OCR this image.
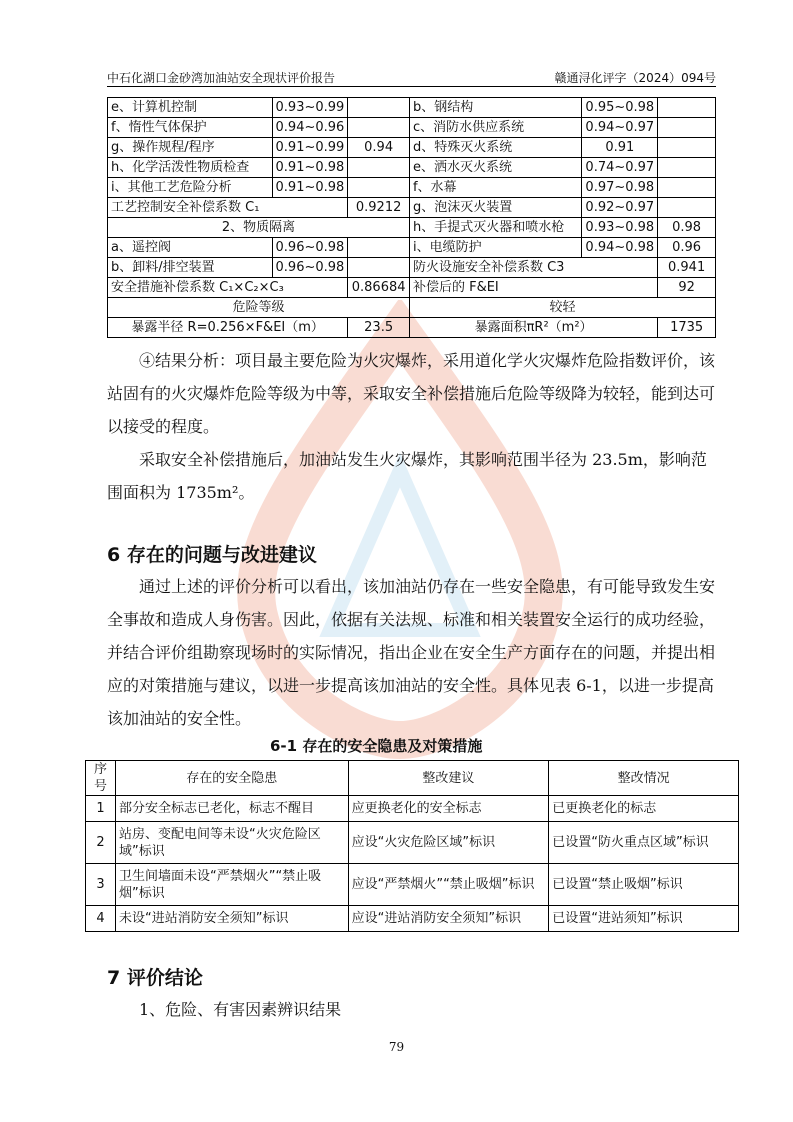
中石化湖口金砂湾加油站安全现状评价报告	赣通浔化评字（2024）094号

e、计算机控制	0.93~0.99		b、钢结构	0.95~0.98	
f、惰性气体保护	0.94~0.96		c、消防水供应系统	0.94~0.97	
g、操作规程/程序	0.91~0.99	0.94	d、特殊灭火系统	0.91	
h、化学活泼性物质检查	0.91~0.98		e、洒水灭火系统	0.74~0.97	
i、其他工艺危险分析	0.91~0.98		f、水幕	0.97~0.98	
工艺控制安全补偿系数 C₁		0.9212	g、泡沫灭火装置	0.92~0.97	
2、物质隔离			h、手提式灭火器和喷水枪	0.93~0.98	0.98
a、遥控阀	0.96~0.98		i、电缆防护	0.94~0.98	0.96
b、卸料/排空装置	0.96~0.98		防火设施安全补偿系数 C3		0.941
安全措施补偿系数 C₁×C₂×C₃		0.86684	补偿后的 F&EI		92
危险等级			较轻		
暴露半径 R=0.256×F&EI（m）		23.5	暴露面积πR²（m²）		1735
④结果分析：项目最主要危险为火灾爆炸，采用道化学火灾爆炸危险指数评价，该站固有的火灾爆炸危险等级为中等，采取安全补偿措施后危险等级降为较轻，能到达可以接受的程度。
采取安全补偿措施后，加油站发生火灾爆炸，其影响范围半径为 23.5m，影响范围面积为 1735m²。
6 存在的问题与改进建议
通过上述的评价分析可以看出，该加油站仍存在一些安全隐患，有可能导致发生安全事故和造成人身伤害。因此，依据有关法规、标准和相关装置安全运行的成功经验，并结合评价组勘察现场时的实际情况，指出企业在安全生产方面存在的问题，并提出相应的对策措施与建议，以进一步提高该加油站的安全性。具体见表 6-1，以进一步提高该加油站的安全性。
6-1 存在的安全隐患及对策措施
序号	存在的安全隐患	整改建议	整改情况
1	部分安全标志已老化，标志不醒目	应更换老化的安全标志	已更换老化的标志
2	站房、变配电间等未设“火灾危险区域”标识	应设“火灾危险区域”标识	已设置“防火重点区域”标识
3	卫生间墙面未设“严禁烟火”“禁止吸烟”标识	应设“严禁烟火”“禁止吸烟”标识	已设置“禁止吸烟”标识
4	未设“进站消防安全须知”标识	应设“进站消防安全须知”标识	已设置“进站须知”标识
7 评价结论
1、危险、有害因素辨识结果
79
